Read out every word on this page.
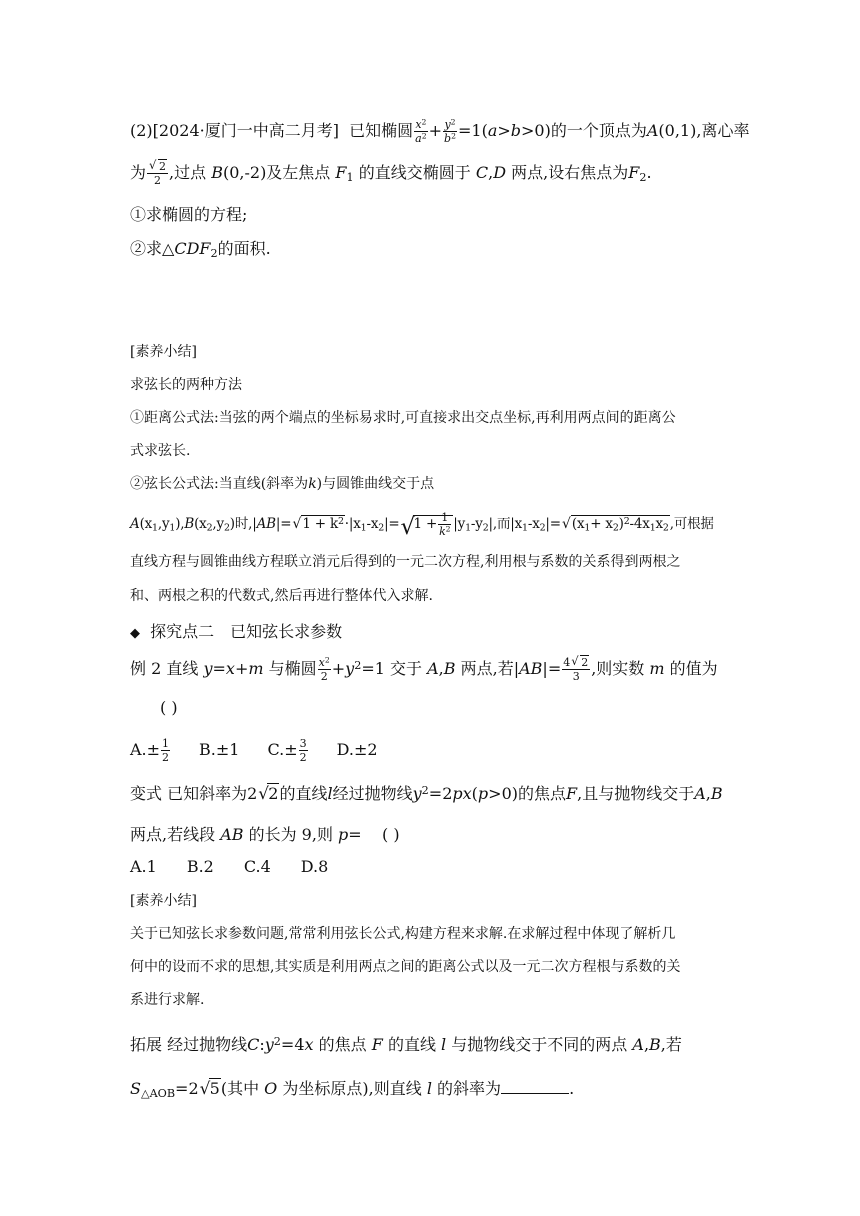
(2)[2024·厦门一中高二月考] 已知椭圆 $\frac{x^2}{a^2} + \frac{y^2}{b^2} =1(a>b>0)$的一个顶点为A(0,1),离心率
为
√ $\frac{2}{2}$ ,过点 B(0,-2)及左焦点 $F_1$ 的直线交椭圆于 C,D 两点,设右焦点为$F_2$.
①求椭圆的方程;
②求$\triangle CDF_2$的面积.
[素养小结]
求弦长的两种方法
①距离公式法:当弦的两个端点的坐标易求时,可直接求出交点坐标,再利用两点间的距离公
式求弦长.
②弦长公式法:当直线(斜率为k)与圆锥曲线交于点
$A(x_1,y_1),B(x_2,y_2)$时,|AB|=√ $1 + k^2\cdot|x_1-x_2|=√$ $1 + \frac{1}{k^2} |y_1-y_2|$,而$|x_1-x_2|=√$ $(x_1+ x_2)^2-4x_1x_2$,可根据
直线方程与圆锥曲线方程联立消元后得到的一元二次方程,利用根与系数的关系得到两根之
和、两根之积的代数式,然后再进行整体代入求解.
◆ 探究点二　已知弦长求参数
例 2 直线 y=x+m 与椭圆 $\frac{x^2}{2} +y^2=1$ 交于 A,B 两点,若$|AB|= \frac{4√ 2}{3}$ ,则实数 m 的值为
( )
$A.\pm \frac{1}{2} B.\pm 1$ $C.\pm \frac{3}{2} D.\pm 2$
变式 已知斜率为2√ 2的直线l经过抛物线$y^2=2px(p>0)$的焦点F,且与抛物线交于A,B
两点,若线段 AB 的长为 9,则 p= ( )
A.1 B.2 C.4 D.8
[素养小结]
关于已知弦长求参数问题,常常利用弦长公式,构建方程来求解.在求解过程中体现了解析几
何中的设而不求的思想,其实质是利用两点之间的距离公式以及一元二次方程根与系数的关
系进行求解.
拓展 经过抛物线$C:y^2=4x$ 的焦点 F 的直线 l 与抛物线交于不同的两点 A,B,若
$S_{\triangle AOB}=2√$ 5(其中 O 为坐标原点),则直线 l 的斜率为	.
